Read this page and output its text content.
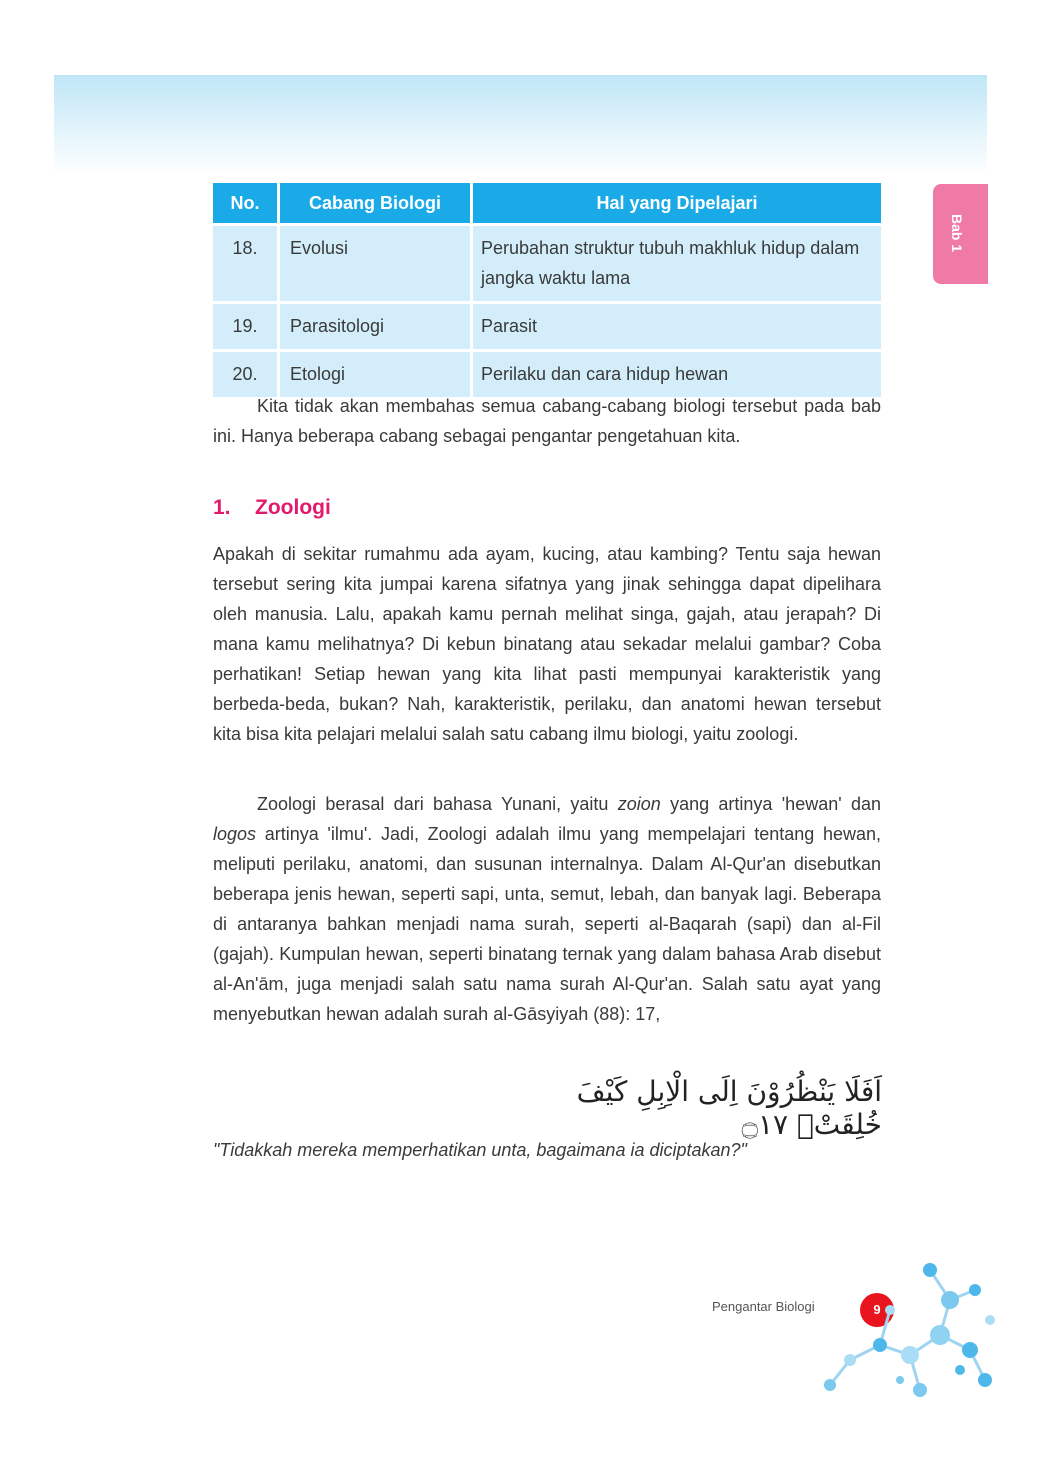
Bab 1
No.	Cabang Biologi	Hal yang Dipelajari
18.	Evolusi	Perubahan struktur tubuh makhluk hidup dalam jangka waktu lama
19.	Parasitologi	Parasit
20.	Etologi	Perilaku dan cara hidup hewan

Kita tidak akan membahas semua cabang-cabang biologi tersebut pada bab ini. Hanya beberapa cabang sebagai pengantar pengetahuan kita.

1. Zoologi

Apakah di sekitar rumahmu ada ayam, kucing, atau kambing? Tentu saja hewan tersebut sering kita jumpai karena sifatnya yang jinak sehingga dapat dipelihara oleh manusia. Lalu, apakah kamu pernah melihat singa, gajah, atau jerapah? Di mana kamu melihatnya? Di kebun binatang atau sekadar melalui gambar? Coba perhatikan! Setiap hewan yang kita lihat pasti mempunyai karakteristik yang berbeda-beda, bukan? Nah, karakteristik, perilaku, dan anatomi hewan tersebut kita bisa kita pelajari melalui salah satu cabang ilmu biologi, yaitu zoologi.

Zoologi berasal dari bahasa Yunani, yaitu zoion yang artinya 'hewan' dan logos artinya 'ilmu'. Jadi, Zoologi adalah ilmu yang mempelajari tentang hewan, meliputi perilaku, anatomi, dan susunan internalnya. Dalam Al-Qur'an disebutkan beberapa jenis hewan, seperti sapi, unta, semut, lebah, dan banyak lagi. Beberapa di antaranya bahkan menjadi nama surah, seperti al-Baqarah (sapi) dan al-Fil (gajah). Kumpulan hewan, seperti binatang ternak yang dalam bahasa Arab disebut al-An'ām, juga menjadi salah satu nama surah Al-Qur'an. Salah satu ayat yang menyebutkan hewan adalah surah al-Gāsyiyah (88): 17,

اَفَلَا يَنْظُرُوْنَ اِلَى الْاِبِلِ كَيْفَ خُلِقَتْۗ ۝١٧

"Tidakkah mereka memperhatikan unta, bagaimana ia diciptakan?"

Pengantar Biologi	9
